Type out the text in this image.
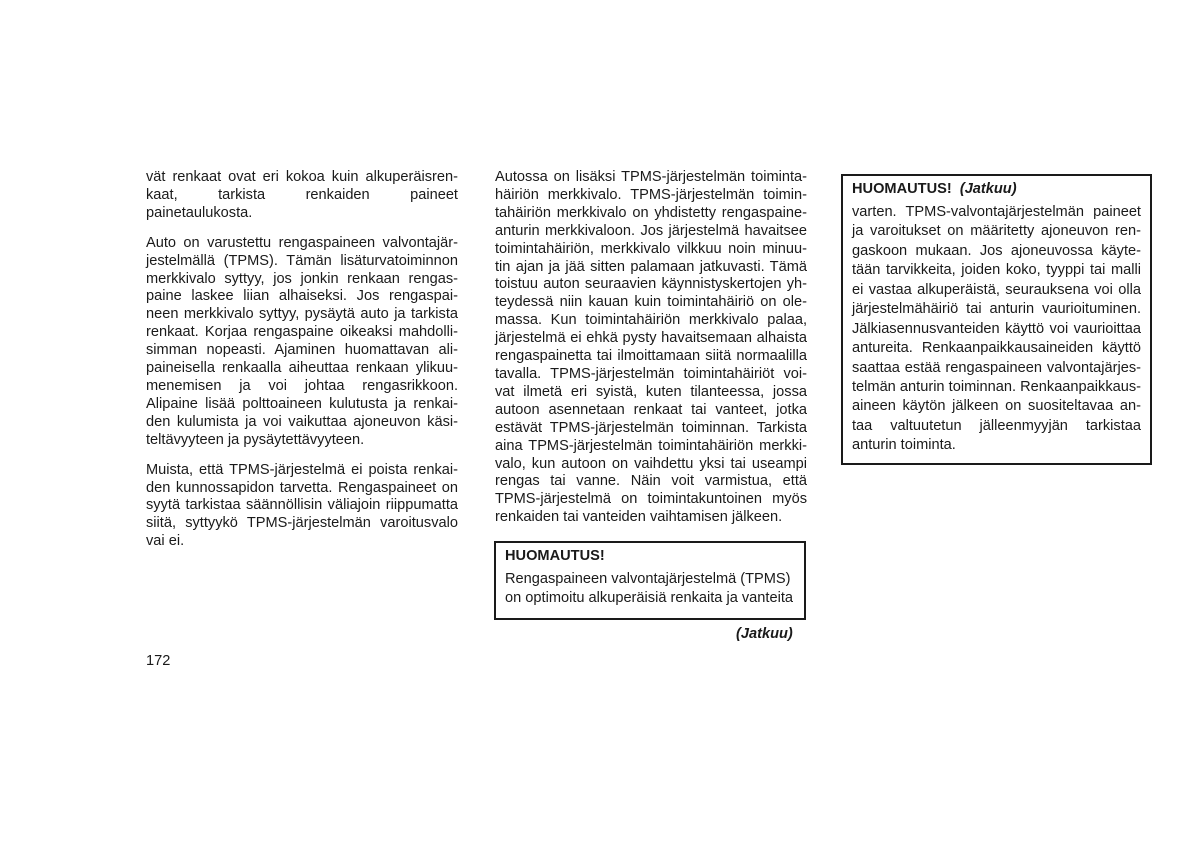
vät renkaat ovat eri kokoa kuin alkuperäisren-
kaat, tarkista renkaiden paineet
painetaulukosta.

Auto on varustettu rengaspaineen valvontajär-
jestelmällä (TPMS). Tämän lisäturvatoiminnon
merkkivalo syttyy, jos jonkin renkaan rengas-
paine laskee liian alhaiseksi. Jos rengaspai-
neen merkkivalo syttyy, pysäytä auto ja tarkista
renkaat. Korjaa rengaspaine oikeaksi mahdolli-
simman nopeasti. Ajaminen huomattavan ali-
paineisella renkaalla aiheuttaa renkaan ylikuu-
menemisen ja voi johtaa rengasrikkoon.
Alipaine lisää polttoaineen kulutusta ja renkai-
den kulumista ja voi vaikuttaa ajoneuvon käsi-
teltävyyteen ja pysäytettävyyteen.

Muista, että TPMS-järjestelmä ei poista renkai-
den kunnossapidon tarvetta. Rengaspaineet on
syytä tarkistaa säännöllisin väliajoin riippumatta
siitä, syttyykö TPMS-järjestelmän varoitusvalo
vai ei.

Autossa on lisäksi TPMS-järjestelmän toiminta-
häiriön merkkivalo. TPMS-järjestelmän toimin-
tahäiriön merkkivalo on yhdistetty rengaspaine-
anturin merkkivaloon. Jos järjestelmä havaitsee
toimintahäiriön, merkkivalo vilkkuu noin minuu-
tin ajan ja jää sitten palamaan jatkuvasti. Tämä
toistuu auton seuraavien käynnistyskertojen yh-
teydessä niin kauan kuin toimintahäiriö on ole-
massa. Kun toimintahäiriön merkkivalo palaa,
järjestelmä ei ehkä pysty havaitsemaan alhaista
rengaspainetta tai ilmoittamaan siitä normaalilla
tavalla. TPMS-järjestelmän toimintahäiriöt voi-
vat ilmetä eri syistä, kuten tilanteessa, jossa
autoon asennetaan renkaat tai vanteet, jotka
estävät TPMS-järjestelmän toiminnan. Tarkista
aina TPMS-järjestelmän toimintahäiriön merkki-
valo, kun autoon on vaihdettu yksi tai useampi
rengas tai vanne. Näin voit varmistua, että
TPMS-järjestelmä on toimintakuntoinen myös
renkaiden tai vanteiden vaihtamisen jälkeen.

HUOMAUTUS!
Rengaspaineen valvontajärjestelmä (TPMS)
on optimoitu alkuperäisiä renkaita ja vanteita
(Jatkuu)
172
HUOMAUTUS! (Jatkuu)
varten. TPMS-valvontajärjestelmän paineet
ja varoitukset on määritetty ajoneuvon ren-
gaskoon mukaan. Jos ajoneuvossa käyte-
tään tarvikkeita, joiden koko, tyyppi tai malli
ei vastaa alkuperäistä, seurauksena voi olla
järjestelmähäiriö tai anturin vaurioituminen.
Jälkiasennusvanteiden käyttö voi vaurioittaa
antureita. Renkaanpaikkausaineiden käyttö
saattaa estää rengaspaineen valvontajärjes-
telmän anturin toiminnan. Renkaanpaikkaus-
aineen käytön jälkeen on suositeltavaa an-
taa valtuutetun jälleenmyyjän tarkistaa
anturin toiminta.
